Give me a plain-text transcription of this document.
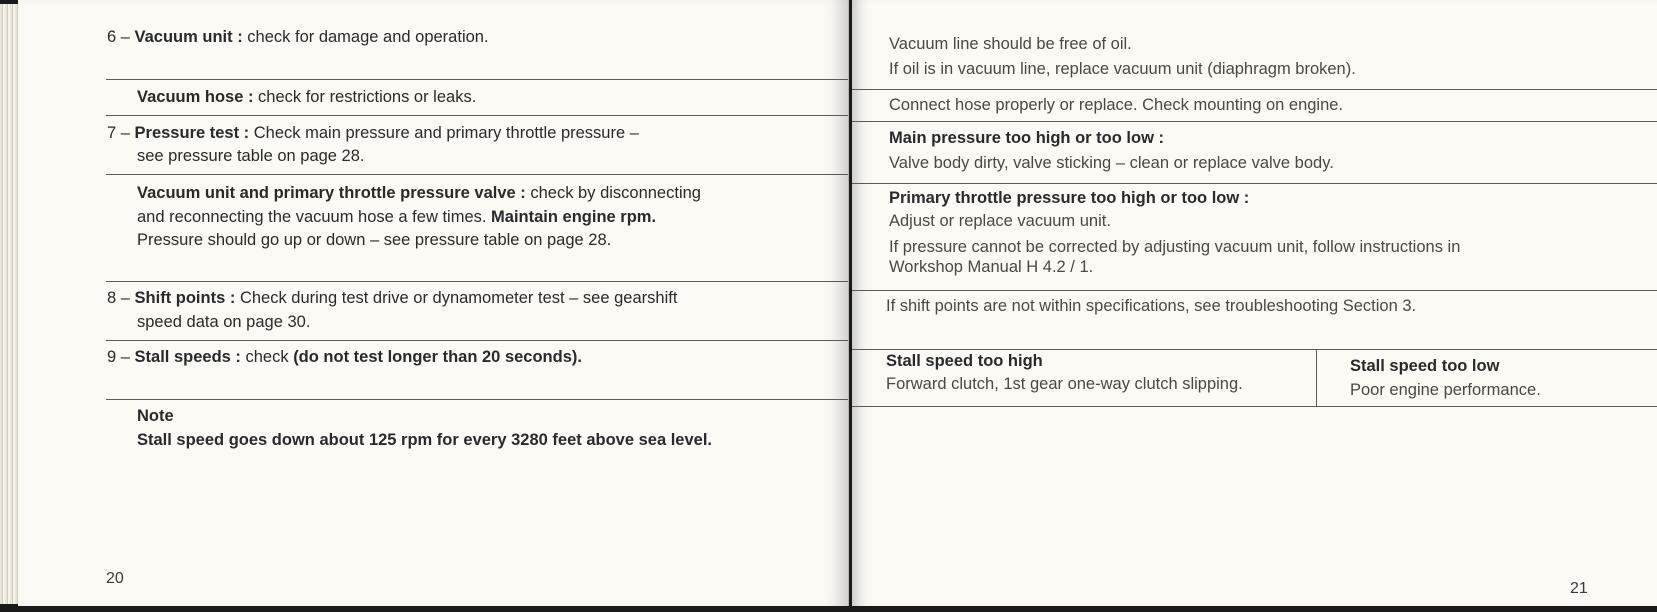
6 – Vacuum unit : check for damage and operation.
Vacuum hose : check for restrictions or leaks.
7 – Pressure test : Check main pressure and primary throttle pressure –
see pressure table on page 28.
Vacuum unit and primary throttle pressure valve : check by disconnecting
and reconnecting the vacuum hose a few times. Maintain engine rpm.
Pressure should go up or down – see pressure table on page 28.
8 – Shift points : Check during test drive or dynamometer test – see gearshift
speed data on page 30.
9 – Stall speeds : check (do not test longer than 20 seconds).
Note
Stall speed goes down about 125 rpm for every 3280 feet above sea level.
20
Vacuum line should be free of oil.
If oil is in vacuum line, replace vacuum unit (diaphragm broken).
Connect hose properly or replace. Check mounting on engine.
Main pressure too high or too low :
Valve body dirty, valve sticking – clean or replace valve body.
Primary throttle pressure too high or too low :
Adjust or replace vacuum unit.
If pressure cannot be corrected by adjusting vacuum unit, follow instructions in
Workshop Manual H 4.2 / 1.
If shift points are not within specifications, see troubleshooting Section 3.
Stall speed too high
Forward clutch, 1st gear one-way clutch slipping.
Stall speed too low
Poor engine performance.
21
